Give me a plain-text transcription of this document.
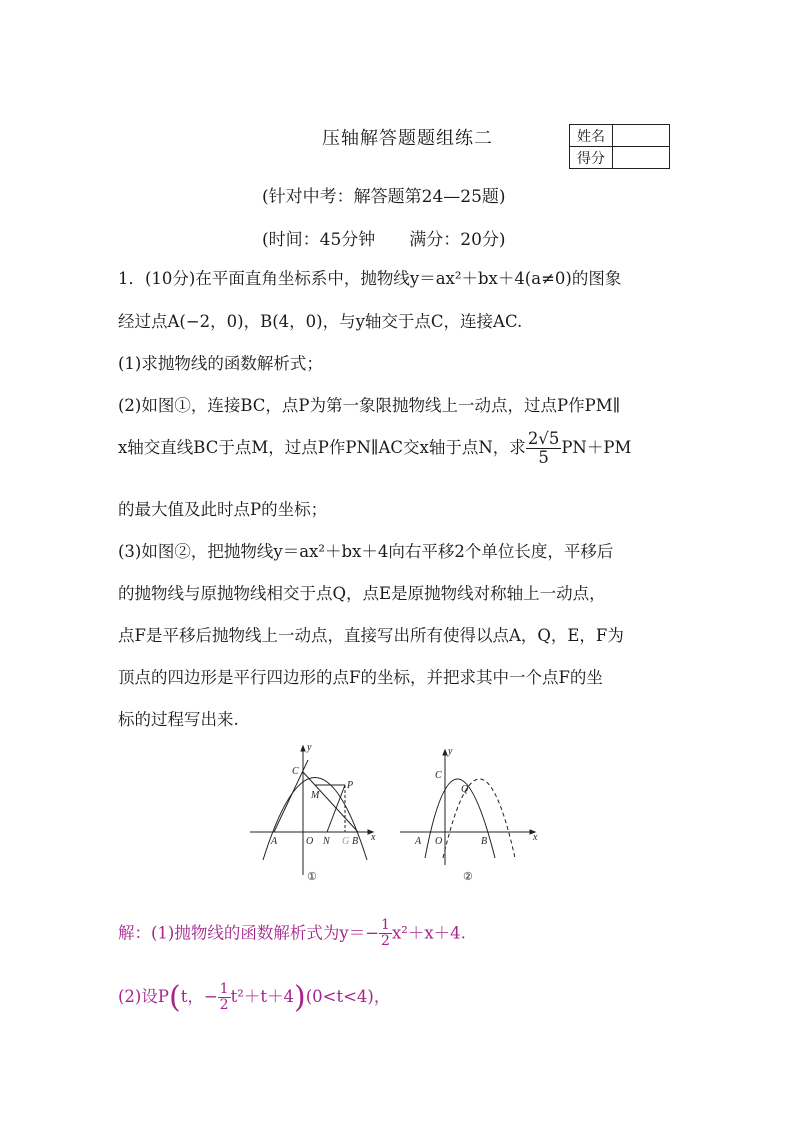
压轴解答题题组练二	姓名	
得分	
(针对中考：解答题第24—25题)
(时间：45分钟　　满分：20分)
1．(10分)在平面直角坐标系中，抛物线y＝ax²＋bx＋4(a≠0)的图象
经过点A(−2，0)，B(4，0)，与y轴交于点C，连接AC.
(1)求抛物线的函数解析式；
(2)如图①，连接BC，点P为第一象限抛物线上一动点，过点P作PM∥
x轴交直线BC于点M，过点P作PN∥AC交x轴于点N，求 $\frac{2√5}{5} PN+PM$
的最大值及此时点P的坐标；
(3)如图②，把抛物线y＝ax²＋bx＋4向右平移2个单位长度，平移后
的抛物线与原抛物线相交于点Q，点E是原抛物线对称轴上一动点，
点F是平移后抛物线上一动点，直接写出所有使得以点A，Q，E，F为
顶点的四边形是平行四边形的点F的坐标，并把求其中一个点F的坐
标的过程写出来.
y
C
M
P
A	O N G B x
①
y
C
Q
A O	B	x
②
解：(1)抛物线的函数解析式为$y=- \frac{1}{2} x^2+x+4$.
(2)设P(t，− $\frac{1}{2} t^2+t+4)(0<t<4)$，
